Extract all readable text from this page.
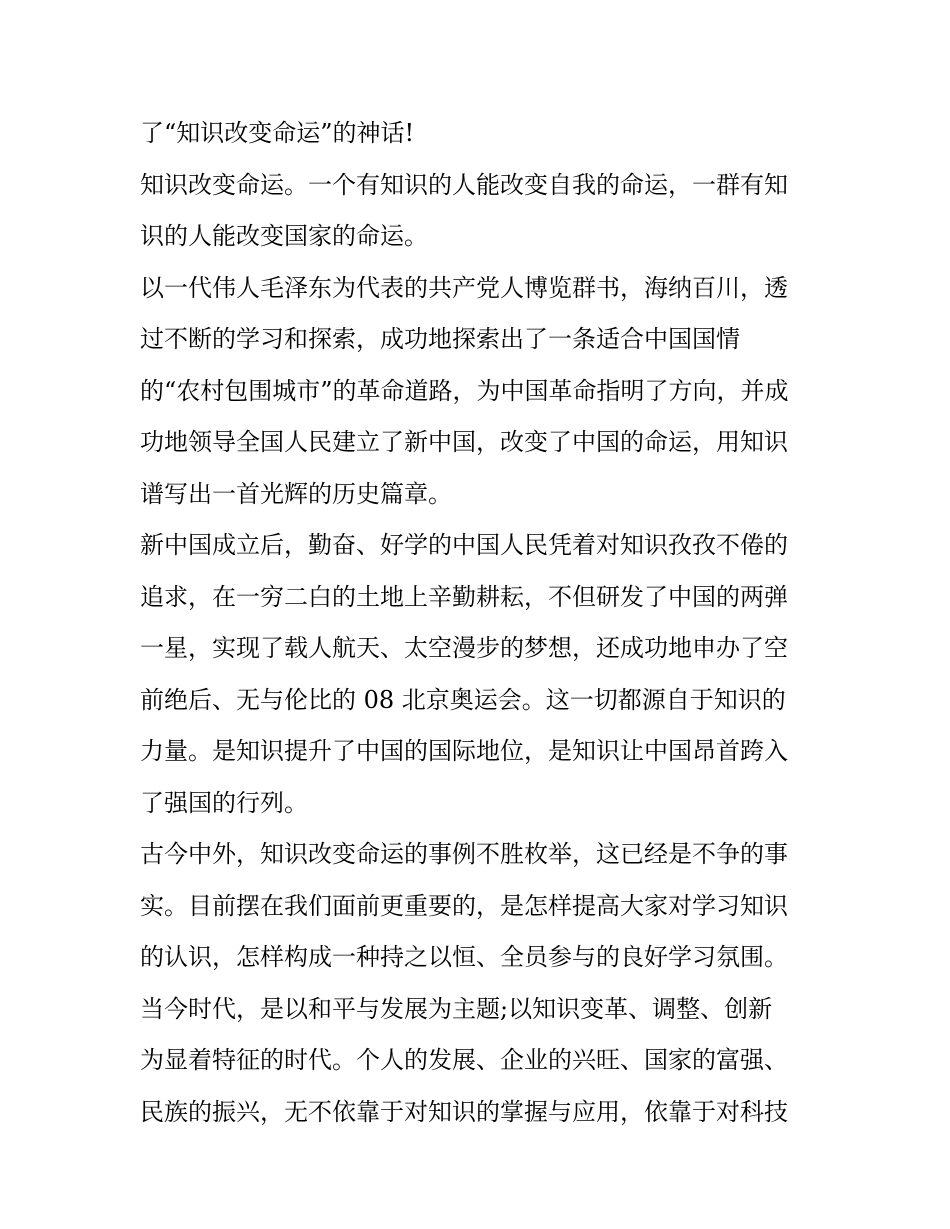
了“知识改变命运”的神话!
知识改变命运。一个有知识的人能改变自我的命运，一群有知
识的人能改变国家的命运。
以一代伟人毛泽东为代表的共产党人博览群书，海纳百川，透
过不断的学习和探索，成功地探索出了一条适合中国国情
的“农村包围城市”的革命道路，为中国革命指明了方向，并成
功地领导全国人民建立了新中国，改变了中国的命运，用知识
谱写出一首光辉的历史篇章。
新中国成立后，勤奋、好学的中国人民凭着对知识孜孜不倦的
追求，在一穷二白的土地上辛勤耕耘，不但研发了中国的两弹
一星，实现了载人航天、太空漫步的梦想，还成功地申办了空
前绝后、无与伦比的 08 北京奥运会。这一切都源自于知识的
力量。是知识提升了中国的国际地位，是知识让中国昂首跨入
了强国的行列。
古今中外，知识改变命运的事例不胜枚举，这已经是不争的事
实。目前摆在我们面前更重要的，是怎样提高大家对学习知识
的认识，怎样构成一种持之以恒、全员参与的良好学习氛围。
当今时代，是以和平与发展为主题;以知识变革、调整、创新
为显着特征的时代。个人的发展、企业的兴旺、国家的富强、
民族的振兴，无不依靠于对知识的掌握与应用，依靠于对科技
